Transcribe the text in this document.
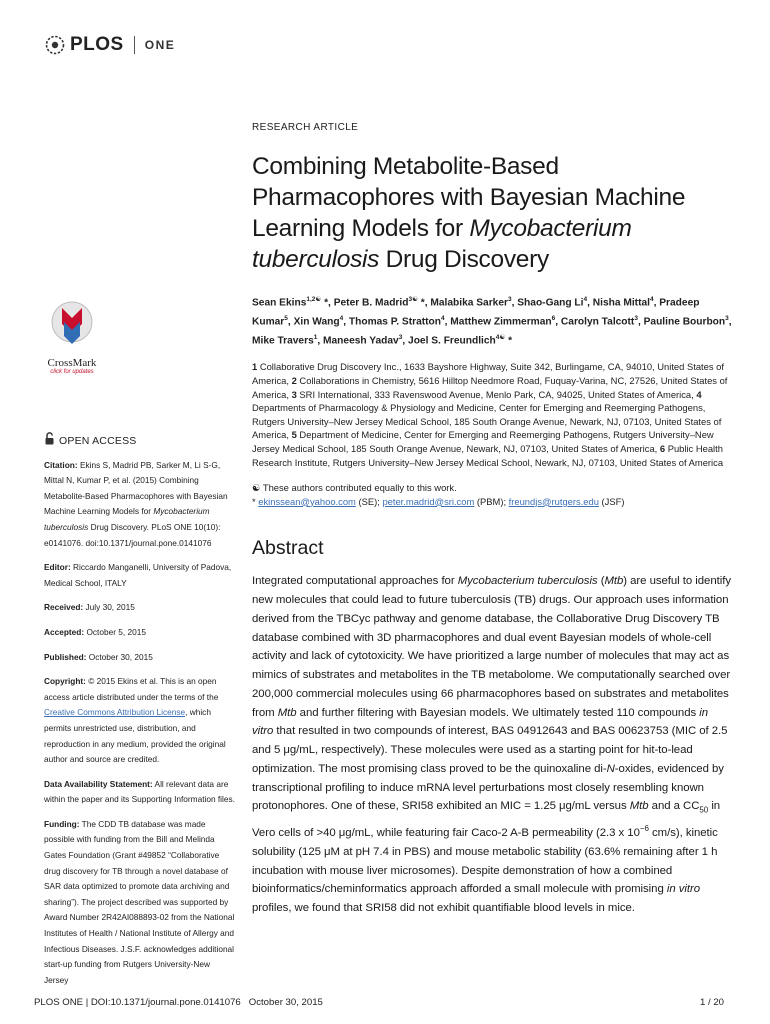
PLOS ONE
CrossMark
click for updates
OPEN ACCESS

Citation: Ekins S, Madrid PB, Sarker M, Li S-G, Mittal N, Kumar P, et al. (2015) Combining Metabolite-Based Pharmacophores with Bayesian Machine Learning Models for Mycobacterium tuberculosis Drug Discovery. PLoS ONE 10(10): e0141076. doi:10.1371/journal.pone.0141076

Editor: Riccardo Manganelli, University of Padova, Medical School, ITALY

Received: July 30, 2015

Accepted: October 5, 2015

Published: October 30, 2015

Copyright: © 2015 Ekins et al. This is an open access article distributed under the terms of the Creative Commons Attribution License, which permits unrestricted use, distribution, and reproduction in any medium, provided the original author and source are credited.

Data Availability Statement: All relevant data are within the paper and its Supporting Information files.

Funding: The CDD TB database was made possible with funding from the Bill and Melinda Gates Foundation (Grant #49852 “Collaborative drug discovery for TB through a novel database of SAR data optimized to promote data archiving and sharing”). The project described was supported by Award Number 2R42AI088893-02 from the National Institutes of Health / National Institute of Allergy and Infectious Diseases. J.S.F. acknowledges additional start-up funding from Rutgers University-New Jersey

RESEARCH ARTICLE
Combining Metabolite-Based
Pharmacophores with Bayesian Machine
Learning Models for Mycobacterium
tuberculosis Drug Discovery
Sean Ekins$^{1,2☯}$ *, Peter B. Madrid$^{3☯}$ *, Malabika Sarker$^3$, Shao-Gang Li$^4$, Nisha Mittal$^4$, Pradeep Kumar$^5$, Xin Wang$^4$, Thomas P. Stratton$^4$, Matthew Zimmerman$^6$, Carolyn Talcott$^3$, Pauline Bourbon$^3$, Mike Travers$^1$, Maneesh Yadav$^3$, Joel S. Freundlich$^{4☯}$ *
1 Collaborative Drug Discovery Inc., 1633 Bayshore Highway, Suite 342, Burlingame, CA, 94010, United States of America, 2 Collaborations in Chemistry, 5616 Hilltop Needmore Road, Fuquay-Varina, NC, 27526, United States of America, 3 SRI International, 333 Ravenswood Avenue, Menlo Park, CA, 94025, United States of America, 4 Departments of Pharmacology & Physiology and Medicine, Center for Emerging and Reemerging Pathogens, Rutgers University–New Jersey Medical School, 185 South Orange Avenue, Newark, NJ, 07103, United States of America, 5 Department of Medicine, Center for Emerging and Reemerging Pathogens, Rutgers University–New Jersey Medical School, 185 South Orange Avenue, Newark, NJ, 07103, United States of America, 6 Public Health Research Institute, Rutgers University–New Jersey Medical School, Newark, NJ, 07103, United States of America
☯ These authors contributed equally to this work.
* ekinssean@yahoo.com (SE); peter.madrid@sri.com (PBM); freundjs@rutgers.edu (JSF)
Abstract
Integrated computational approaches for Mycobacterium tuberculosis (Mtb) are useful to identify new molecules that could lead to future tuberculosis (TB) drugs. Our approach uses information derived from the TBCyc pathway and genome database, the Collaborative Drug Discovery TB database combined with 3D pharmacophores and dual event Bayesian models of whole-cell activity and lack of cytotoxicity. We have prioritized a large number of molecules that may act as mimics of substrates and metabolites in the TB metabolome. We computationally searched over 200,000 commercial molecules using 66 pharmacophores based on substrates and metabolites from Mtb and further filtering with Bayesian models. We ultimately tested 110 compounds in vitro that resulted in two compounds of interest, BAS 04912643 and BAS 00623753 (MIC of 2.5 and 5 μg/mL, respectively). These molecules were used as a starting point for hit-to-lead optimization. The most promising class proved to be the quinoxaline di-N-oxides, evidenced by transcriptional profiling to induce mRNA level perturbations most closely resembling known protonophores. One of these, SRI58 exhibited an MIC = 1.25 μg/mL versus Mtb and a $CC_{50}$ in Vero cells of >40 μg/mL, while featuring fair Caco-2 A-B permeability (2.3 x $10^{-6}$ cm/s), kinetic solubility (125 μM at pH 7.4 in PBS) and mouse metabolic stability (63.6% remaining after 1 h incubation with mouse liver microsomes). Despite demonstration of how a combined bioinformatics/cheminformatics approach afforded a small molecule with promising in vitro profiles, we found that SRI58 did not exhibit quantifiable blood levels in mice.
PLOS ONE | DOI:10.1371/journal.pone.0141076   October 30, 2015	1 / 20
